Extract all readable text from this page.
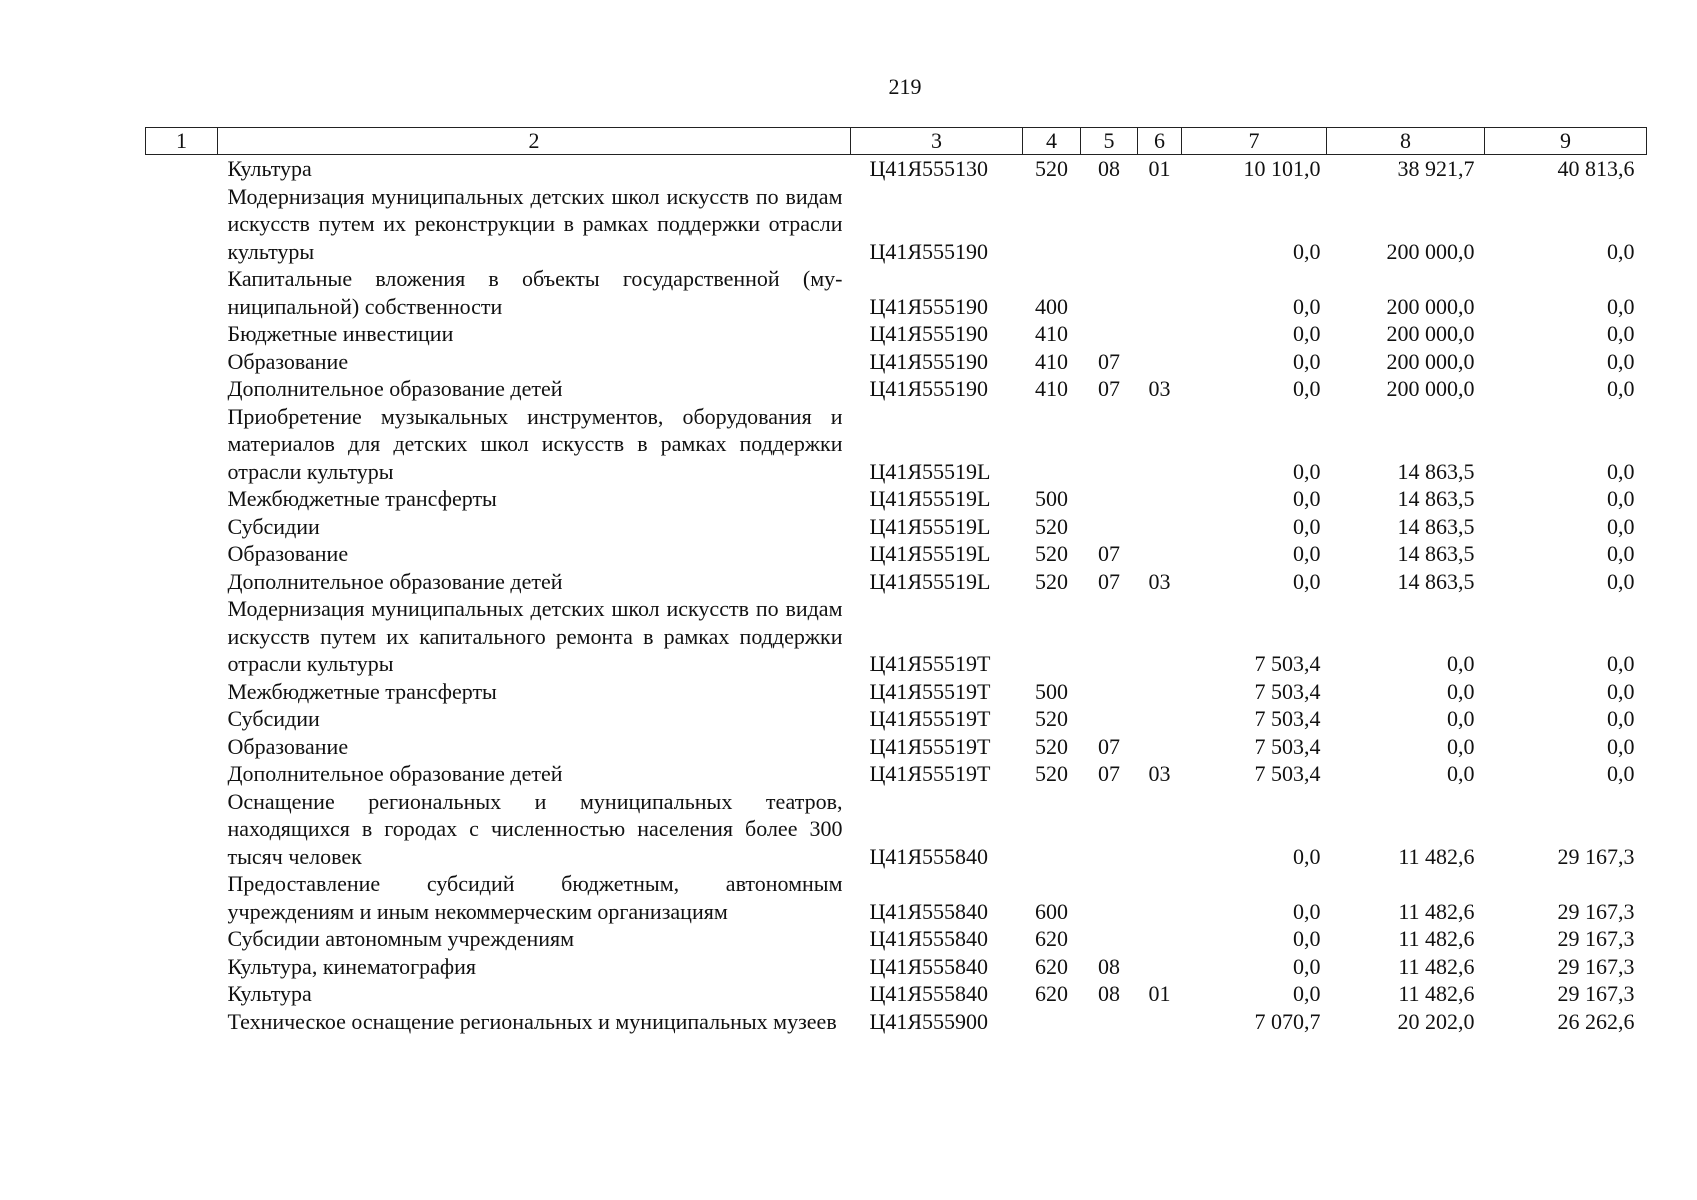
219
1	2	3	4	5	6	7	8	9
	Культура	Ц41Я555130	520	08	01	10 101,0	38 921,7	40 813,6
	Модернизация муниципальных детских школ искусств по видам искусств путем их реконструкции в рамках поддержки отрасли культуры	Ц41Я555190				0,0	200 000,0	0,0
	Капитальные вложения в объекты государственной (муниципальной) собственности	Ц41Я555190	400			0,0	200 000,0	0,0
	Бюджетные инвестиции	Ц41Я555190	410			0,0	200 000,0	0,0
	Образование	Ц41Я555190	410	07		0,0	200 000,0	0,0
	Дополнительное образование детей	Ц41Я555190	410	07	03	0,0	200 000,0	0,0
	Приобретение музыкальных инструментов, оборудования и материалов для детских школ искусств в рамках поддержки отрасли культуры	Ц41Я55519L				0,0	14 863,5	0,0
	Межбюджетные трансферты	Ц41Я55519L	500			0,0	14 863,5	0,0
	Субсидии	Ц41Я55519L	520			0,0	14 863,5	0,0
	Образование	Ц41Я55519L	520	07		0,0	14 863,5	0,0
	Дополнительное образование детей	Ц41Я55519L	520	07	03	0,0	14 863,5	0,0
	Модернизация муниципальных детских школ искусств по видам искусств путем их капитального ремонта в рамках поддержки отрасли культуры	Ц41Я55519Т				7 503,4	0,0	0,0
	Межбюджетные трансферты	Ц41Я55519Т	500			7 503,4	0,0	0,0
	Субсидии	Ц41Я55519Т	520			7 503,4	0,0	0,0
	Образование	Ц41Я55519Т	520	07		7 503,4	0,0	0,0
	Дополнительное образование детей	Ц41Я55519Т	520	07	03	7 503,4	0,0	0,0
	Оснащение региональных и муниципальных театров, находящихся в городах с численностью населения более 300 тысяч человек	Ц41Я555840				0,0	11 482,6	29 167,3
	Предоставление субсидий бюджетным, автономным учреждениям и иным некоммерческим организациям	Ц41Я555840	600			0,0	11 482,6	29 167,3
	Субсидии автономным учреждениям	Ц41Я555840	620			0,0	11 482,6	29 167,3
	Культура, кинематография	Ц41Я555840	620	08		0,0	11 482,6	29 167,3
	Культура	Ц41Я555840	620	08	01	0,0	11 482,6	29 167,3
	Техническое оснащение региональных и муниципальных музеев	Ц41Я555900				7 070,7	20 202,0	26 262,6
